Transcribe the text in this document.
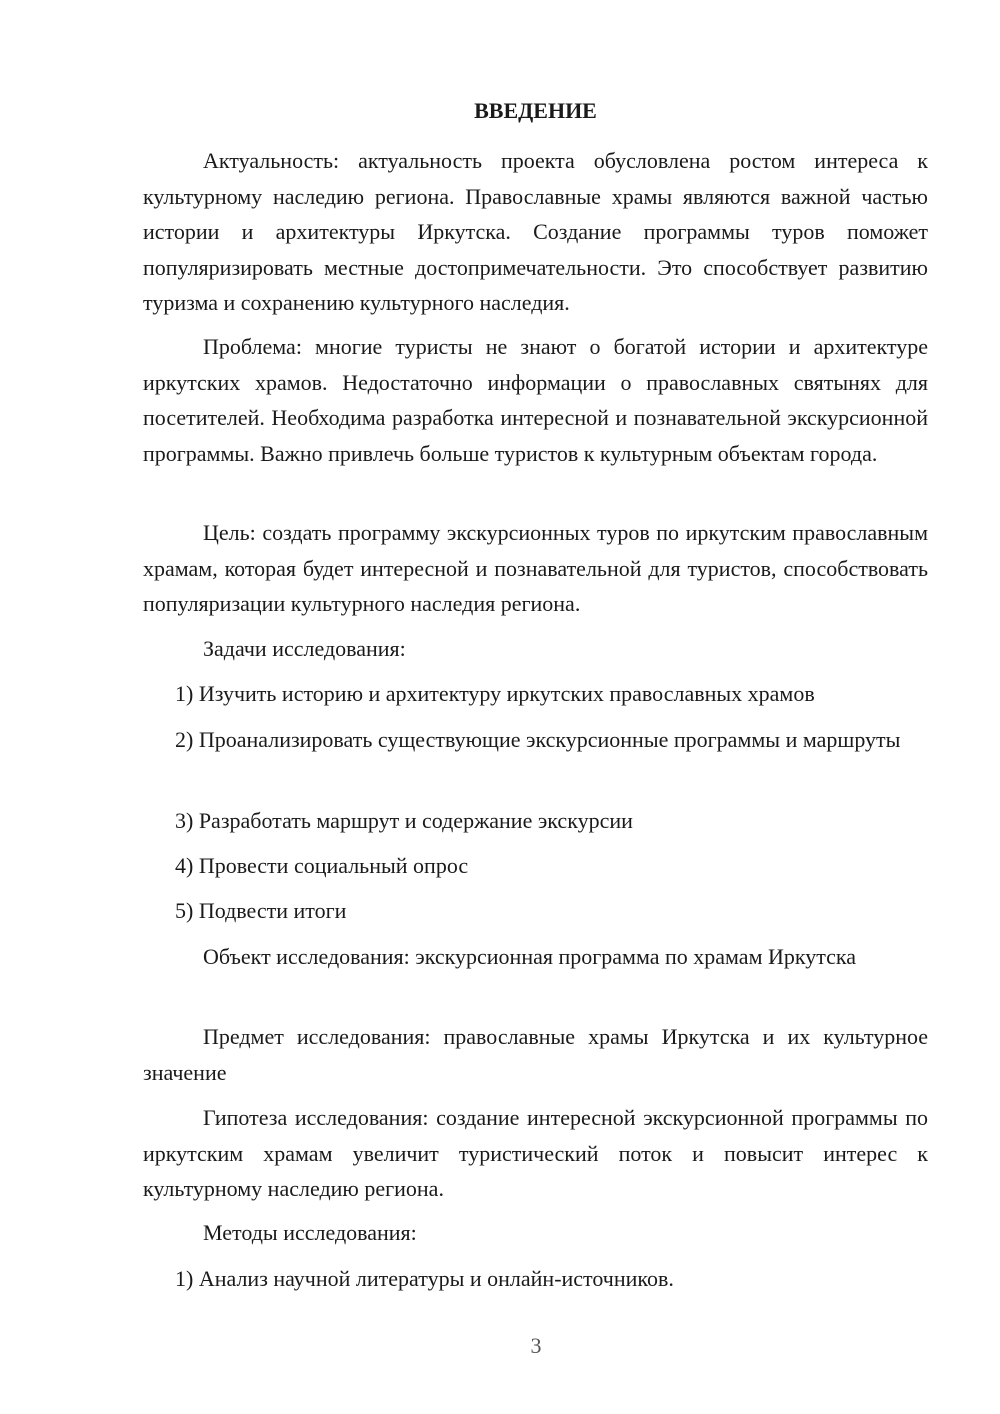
ВВЕДЕНИЕ

Актуальность: актуальность проекта обусловлена ростом интереса к культурному наследию региона. Православные храмы являются важной частью истории и архитектуры Иркутска. Создание программы туров поможет популяризировать местные достопримечательности. Это способствует развитию туризма и сохранению культурного наследия.

Проблема: многие туристы не знают о богатой истории и архитектуре иркутских храмов. Недостаточно информации о православных святынях для посетителей. Необходима разработка интересной и познавательной экскурсионной программы. Важно привлечь больше туристов к культурным объектам города.

Цель: создать программу экскурсионных туров по иркутским православным храмам, которая будет интересной и познавательной для туристов, способствовать популяризации культурного наследия региона.

Задачи исследования:

1) Изучить историю и архитектуру иркутских православных храмов

2) Проанализировать существующие экскурсионные программы и маршруты

3) Разработать маршрут и содержание экскурсии

4) Провести социальный опрос

5) Подвести итоги

Объект исследования: экскурсионная программа по храмам Иркутска

Предмет исследования: православные храмы Иркутска и их культурное значение

Гипотеза исследования: создание интересной экскурсионной программы по иркутским храмам увеличит туристический поток и повысит интерес к культурному наследию региона.

Методы исследования:

1) Анализ научной литературы и онлайн-источников.

3
